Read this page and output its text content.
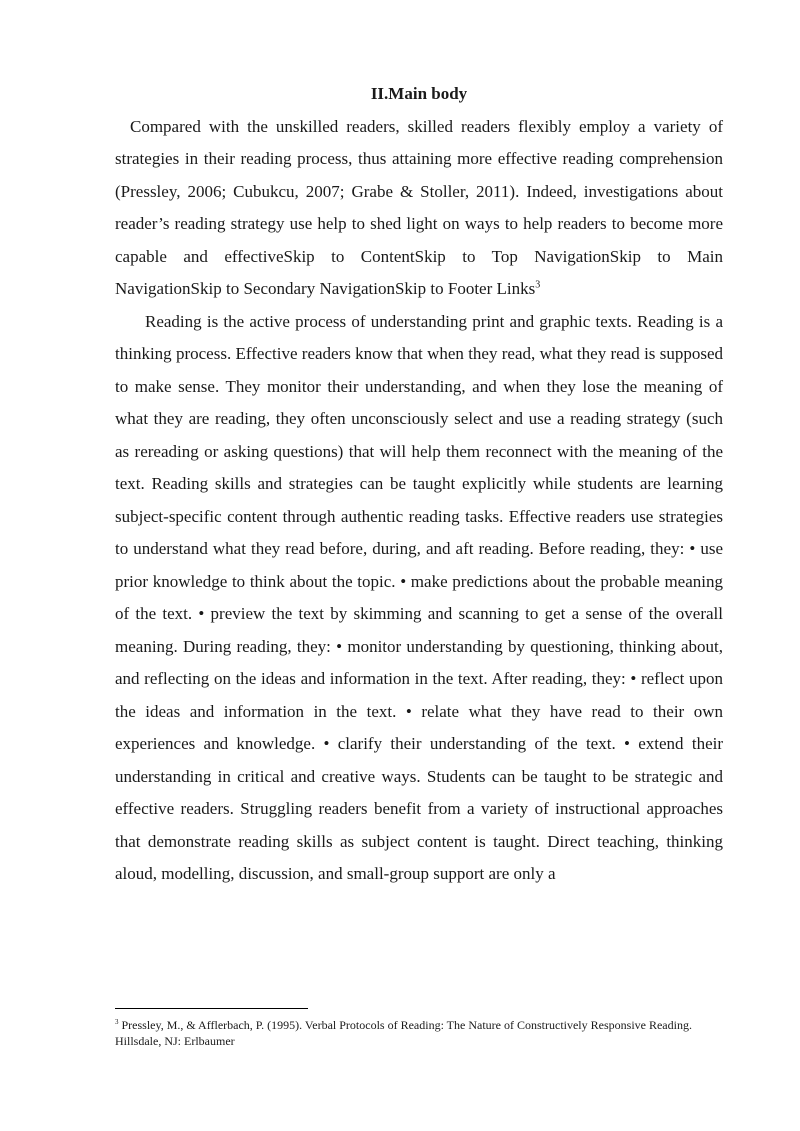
II.Main body

Compared with the unskilled readers, skilled readers flexibly employ a variety of strategies in their reading process, thus attaining more effective reading comprehension (Pressley, 2006; Cubukcu, 2007; Grabe & Stoller, 2011). Indeed, investigations about reader’s reading strategy use help to shed light on ways to help readers to become more capable and effectiveSkip to ContentSkip to Top NavigationSkip to Main NavigationSkip to Secondary NavigationSkip to Footer Links$^3$

Reading is the active process of understanding print and graphic texts. Reading is a thinking process. Effective readers know that when they read, what they read is supposed to make sense. They monitor their understanding, and when they lose the meaning of what they are reading, they often unconsciously select and use a reading strategy (such as rereading or asking questions) that will help them reconnect with the meaning of the text. Reading skills and strategies can be taught explicitly while students are learning subject-specific content through authentic reading tasks. Effective readers use strategies to understand what they read before, during, and aft reading. Before reading, they: • use prior knowledge to think about the topic. • make predictions about the probable meaning of the text. • preview the text by skimming and scanning to get a sense of the overall meaning. During reading, they: • monitor understanding by questioning, thinking about, and reflecting on the ideas and information in the text. After reading, they: • reflect upon the ideas and information in the text. • relate what they have read to their own experiences and knowledge. • clarify their understanding of the text. • extend their understanding in critical and creative ways. Students can be taught to be strategic and effective readers. Struggling readers benefit from a variety of instructional approaches that demonstrate reading skills as subject content is taught. Direct teaching, thinking aloud, modelling, discussion, and small-group support are only a

$^3$ Pressley, M., & Afflerbach, P. (1995). Verbal Protocols of Reading: The Nature of Constructively Responsive Reading. Hillsdale, NJ: Erlbaumer
